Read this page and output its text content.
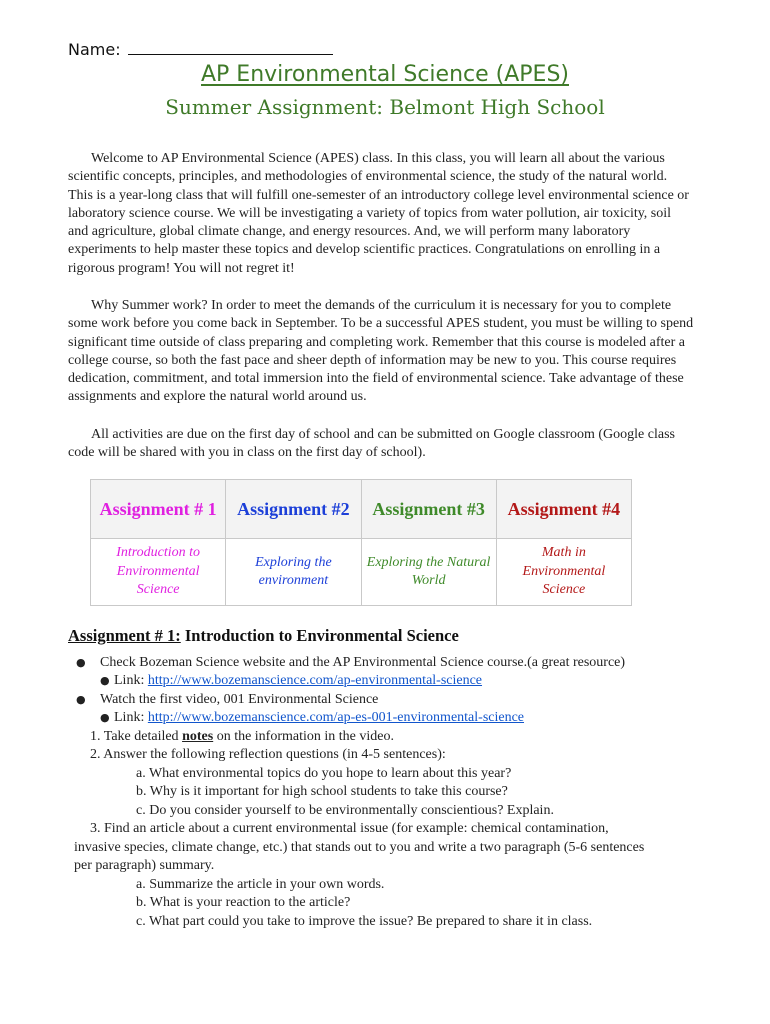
Name:
AP Environmental Science (APES)
Summer Assignment: Belmont High School

Welcome to AP Environmental Science (APES) class. In this class, you will learn all about the various scientific concepts, principles, and methodologies of environmental science, the study of the natural world. This is a year-long class that will fulfill one-semester of an introductory college level environmental science or laboratory science course. We will be investigating a variety of topics from water pollution, air toxicity, soil and agriculture, global climate change, and energy resources. And, we will perform many laboratory experiments to help master these topics and develop scientific practices. Congratulations on enrolling in a rigorous program! You will not regret it!

Why Summer work? In order to meet the demands of the curriculum it is necessary for you to complete some work before you come back in September. To be a successful APES student, you must be willing to spend significant time outside of class preparing and completing work. Remember that this course is modeled after a college course, so both the fast pace and sheer depth of information may be new to you. This course requires dedication, commitment, and total immersion into the field of environmental science. Take advantage of these assignments and explore the natural world around us.

All activities are due on the first day of school and can be submitted on Google classroom (Google class code will be shared with you in class on the first day of school).

Assignment # 1	Assignment #2	Assignment #3	Assignment #4
Introduction to Environmental Science	Exploring the environment	Exploring the Natural World	Math in Environmental Science
Assignment # 1: Introduction to Environmental Science
● Check Bozeman Science website and the AP Environmental Science course.(a great resource)
● Link: http://www.bozemanscience.com/ap-environmental-science
● Watch the first video, 001 Environmental Science
● Link: http://www.bozemanscience.com/ap-es-001-environmental-science
1. Take detailed notes on the information in the video.
2. Answer the following reflection questions (in 4-5 sentences):
a. What environmental topics do you hope to learn about this year?
b. Why is it important for high school students to take this course?
c. Do you consider yourself to be environmentally conscientious? Explain.
3. Find an article about a current environmental issue (for example: chemical contamination,
invasive species, climate change, etc.) that stands out to you and write a two paragraph (5-6 sentences
per paragraph) summary.
a. Summarize the article in your own words.
b. What is your reaction to the article?
c. What part could you take to improve the issue? Be prepared to share it in class.
